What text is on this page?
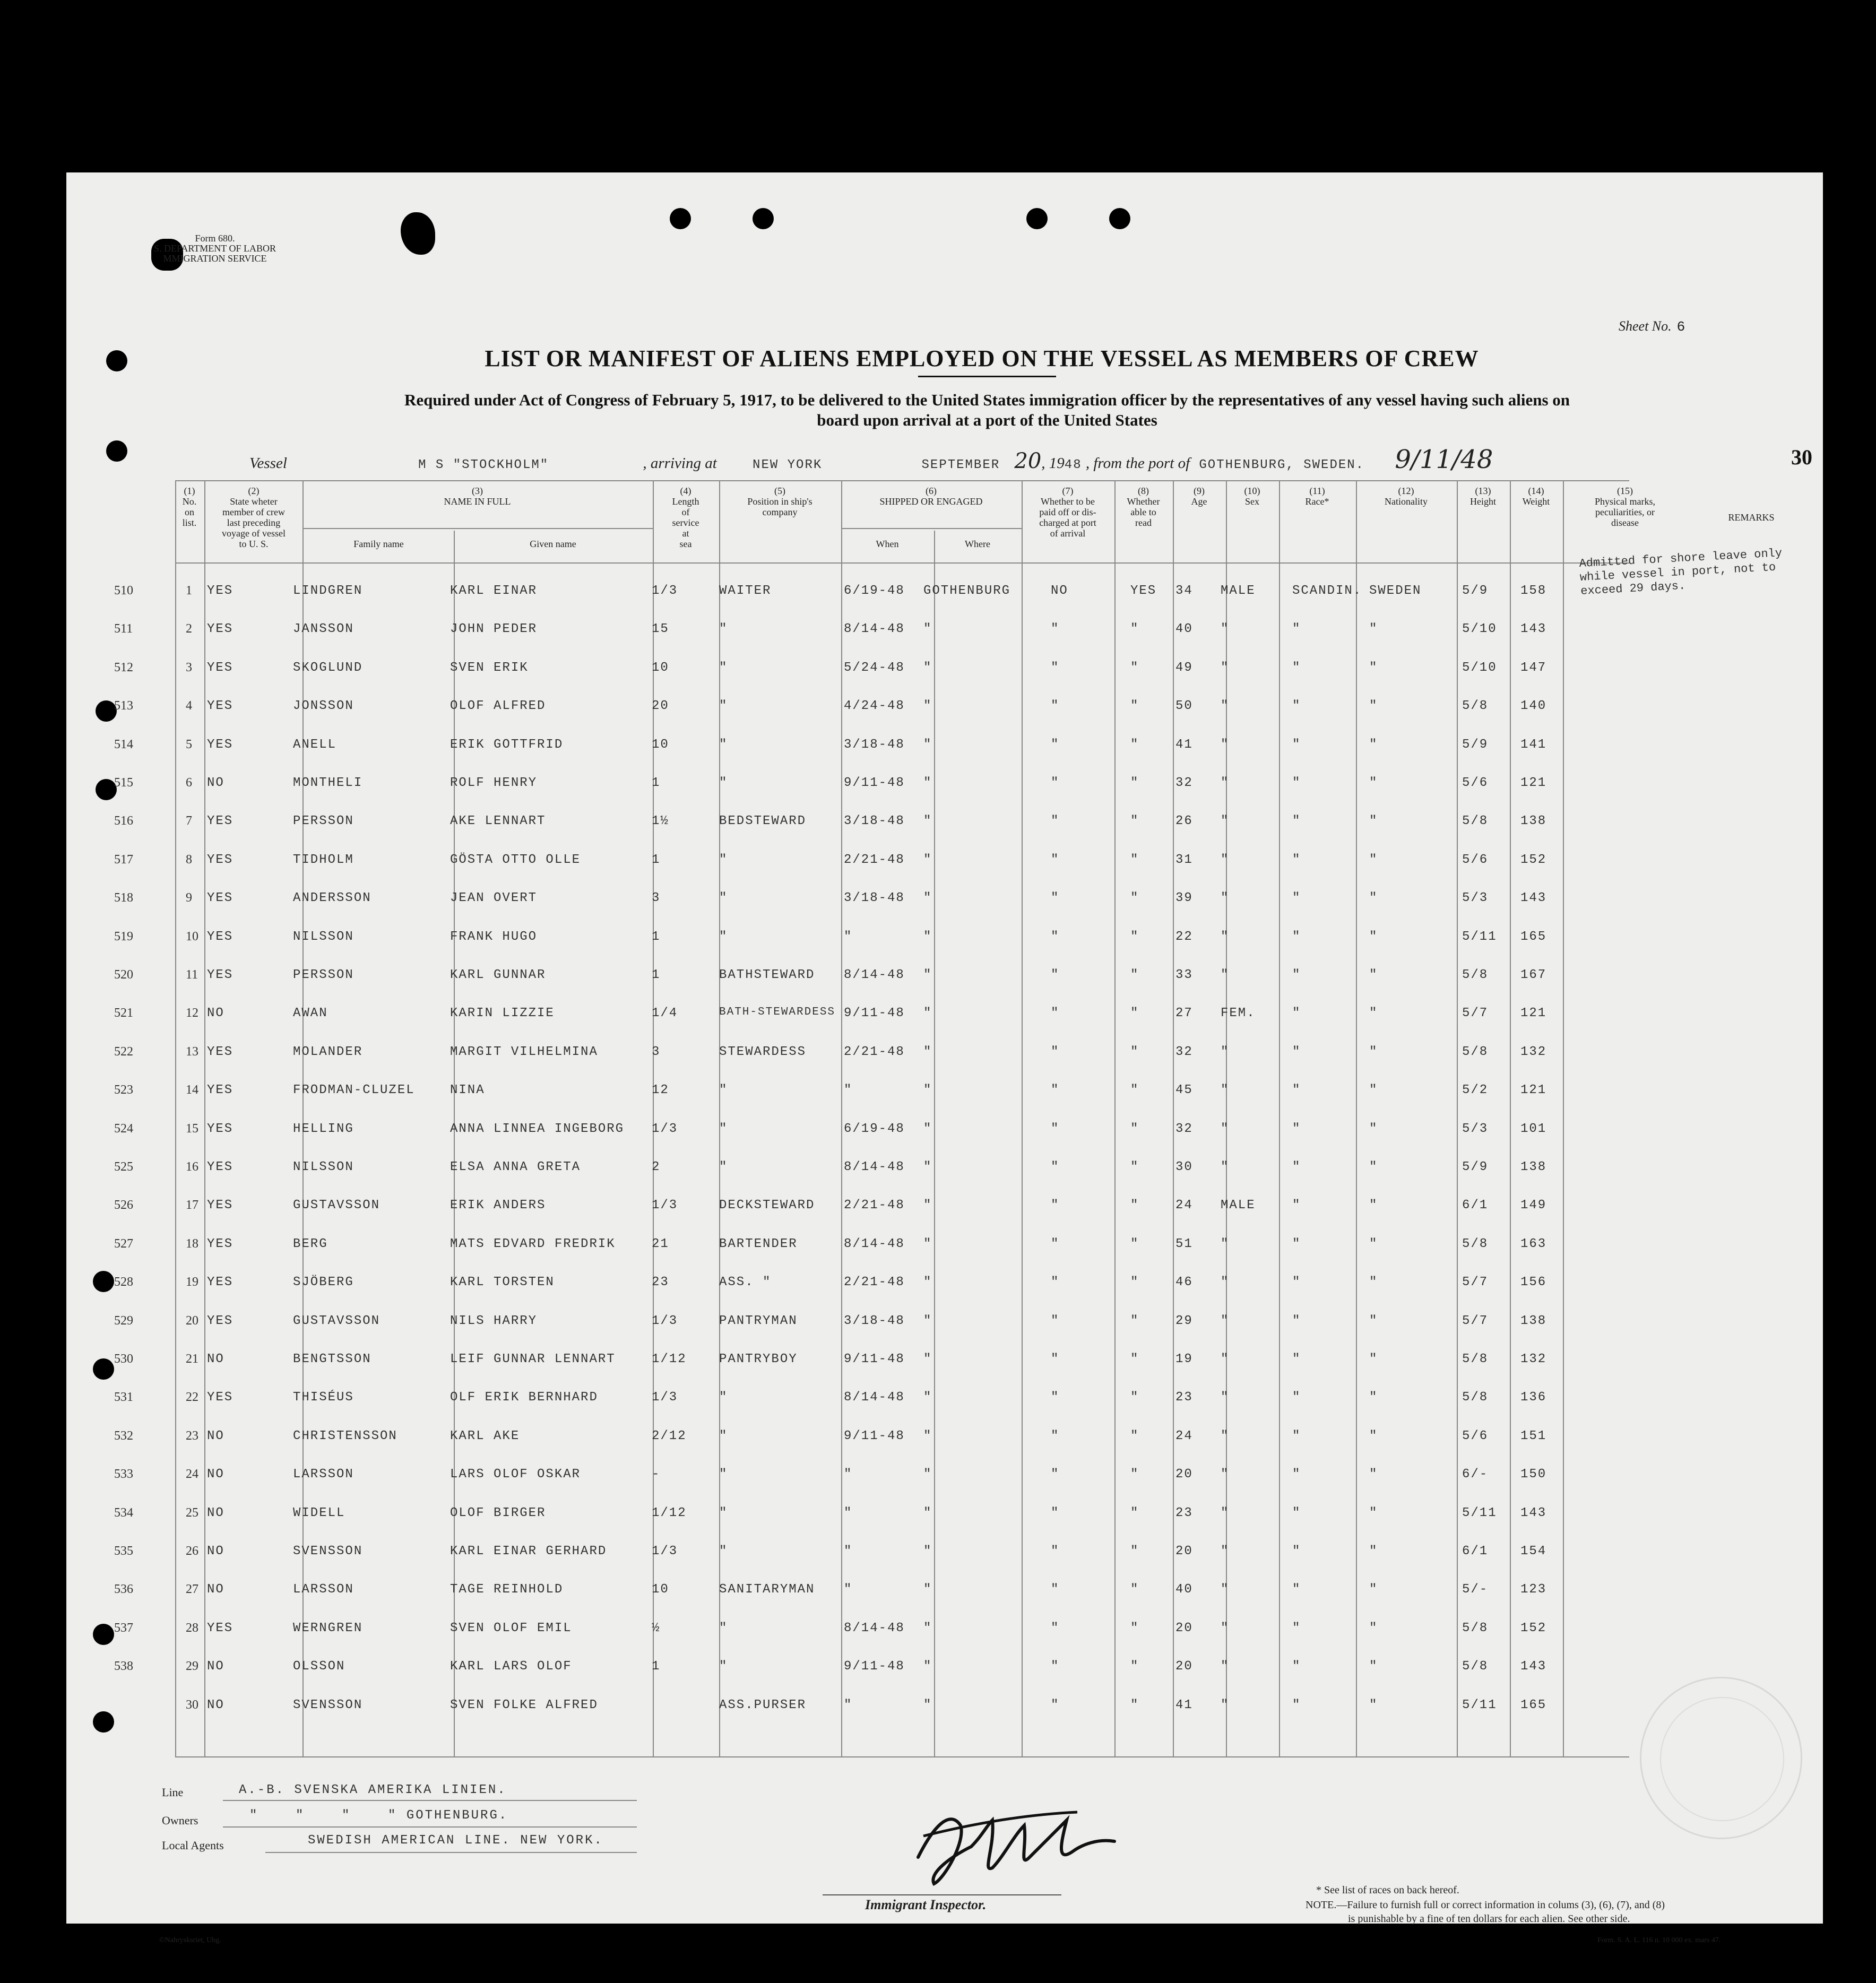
Form 680.
S. DEPARTMENT OF LABOR
MMIGRATION SERVICE
Sheet No. 6
LIST OR MANIFEST OF ALIENS EMPLOYED ON THE VESSEL AS MEMBERS OF CREW
Required under Act of Congress of February 5, 1917, to be delivered to the United States immigration officer by the representatives of any vessel having such aliens on
board upon arrival at a port of the United States
Vessel	M S "STOCKHOLM"	, arriving at	NEW YORK	SEPTEMBER 20, 1948 , from the port of GOTHENBURG, SWEDEN. 9/11/48	30
(1)
No.
on
list.
(2)
State wheter
member of crew
last preceding
voyage of vessel
to U. S.
(3)
NAME IN FULL
Family name	Given name
(4)
Length
of
service
at
sea
(5)
Position in ship's
company
(6)
SHIPPED OR ENGAGED
When	Where
(7)
Whether to be
paid off or dis-
charged at port
of arrival
(8)
Whether
able to
read
(9)
Age
(10)
Sex
(11)
Race*
(12)
Nationality
(13)
Height
(14)
Weight
(15)
Physical marks,
peculiarities, or
disease	REMARKS
510	1 YES	LINDGREN	KARL EINAR	1/3	WAITER	6/19-48 GOTHENBURG	NO	YES 34 MALE	SCANDIN. SWEDEN	5/9	158
511	2 YES	JANSSON	JOHN PEDER	15	"	8/14-48 "	"	"	40 "	"	"	5/10 143
512	3 YES	SKOGLUND	SVEN ERIK	10	"	5/24-48 "	"	"	49 "	"	"	5/10 147
513	4 YES	JONSSON	OLOF ALFRED	20	"	4/24-48 "	"	"	50 "	"	"	5/8	140
514	5 YES	ANELL	ERIK GOTTFRID	10	"	3/18-48 "	"	"	41 "	"	"	5/9	141
515	6 NO	MONTHELI	ROLF HENRY	1	"	9/11-48 "	"	"	32 "	"	"	5/6	121
516	7 YES	PERSSON	AKE LENNART	1½	BEDSTEWARD	3/18-48 "	"	"	26 "	"	"	5/8	138
517	8 YES	TIDHOLM	GÖSTA OTTO OLLE	1	"	2/21-48 "	"	"	31 "	"	"	5/6	152
518	9 YES	ANDERSSON	JEAN OVERT	3	"	3/18-48 "	"	"	39 "	"	"	5/3	143
519	10 YES	NILSSON	FRANK HUGO	1	"	"	"	"	"	22 "	"	"	5/11 165
520	11 YES	PERSSON	KARL GUNNAR	1	BATHSTEWARD 8/14-48 "	"	"	33 "	"	"	5/8	167
521	12 NO	AWAN	KARIN LIZZIE	1/4	BATH-STEWARDESS 9/11-48 "	"	"	27 FEM.	"	"	5/7	121
522	13 YES	MOLANDER	MARGIT VILHELMINA	3	STEWARDESS	2/21-48 "	"	"	32 "	"	"	5/8	132
523	14 YES	FRODMAN-CLUZEL	NINA	12	"	"	"	"	"	45 "	"	"	5/2	121
524	15 YES	HELLING	ANNA LINNEA INGEBORG 1/3	"	6/19-48 "	"	"	32 "	"	"	5/3	101
525	16 YES	NILSSON	ELSA ANNA GRETA	2	"	8/14-48 "	"	"	30 "	"	"	5/9	138
526	17 YES	GUSTAVSSON	ERIK ANDERS	1/3	DECKSTEWARD 2/21-48 "	"	"	24 MALE	"	"	6/1	149
527	18 YES	BERG	MATS EDVARD FREDRIK	21	BARTENDER	8/14-48 "	"	"	51 "	"	"	5/8	163
528	19 YES	SJÖBERG	KARL TORSTEN	23	ASS. "	2/21-48 "	"	"	46 "	"	"	5/7	156
529	20 YES	GUSTAVSSON	NILS HARRY	1/3	PANTRYMAN	3/18-48 "	"	"	29 "	"	"	5/7	138
530	21 NO	BENGTSSON	LEIF GUNNAR LENNART	1/12	PANTRYBOY	9/11-48 "	"	"	19 "	"	"	5/8	132
531	22 YES	THISÉUS	OLF ERIK BERNHARD	1/3	"	8/14-48 "	"	"	23 "	"	"	5/8	136
532	23 NO	CHRISTENSSON	KARL AKE	2/12	"	9/11-48 "	"	"	24 "	"	"	5/6	151
533	24 NO	LARSSON	LARS OLOF OSKAR	-	"	"	"	"	"	20 "	"	"	6/-	150
534	25 NO	WIDELL	OLOF BIRGER	1/12	"	"	"	"	"	23 "	"	"	5/11 143
535	26 NO	SVENSSON	KARL EINAR GERHARD	1/3	"	"	"	"	"	20 "	"	"	6/1	154
536	27 NO	LARSSON	TAGE REINHOLD	10	SANITARYMAN "	"	"	"	40 "	"	"	5/-	123
537	28 YES	WERNGREN	SVEN OLOF EMIL	½	"	8/14-48 "	"	"	20 "	"	"	5/8	152
538	29 NO	OLSSON	KARL LARS OLOF	1	"	9/11-48 "	"	"	20 "	"	"	5/8	143
30 NO	SVENSSON	SVEN FOLKE ALFRED	ASS.PURSER	"	"	"	"	41 "	"	"	5/11 165
Admitted for shore leave only while vessel in port, not to exceed 29 days.
Line	A.-B. SVENSKA AMERIKA LINIEN.
Owners	"    "    "    " GOTHENBURG.
Local Agents	SWEDISH AMERICAN LINE. NEW YORK.
Immigrant Inspector.
* See list of races on back hereof.
NOTE.—Failure to furnish full or correct information in colums (3), (6), (7), and (8)
is punishable by a fine of ten dollars for each alien. See other side.
©Nahrysksriet, Ubg.	Form. S. A. L. 116 n. 10 000 ex. mars 47.
